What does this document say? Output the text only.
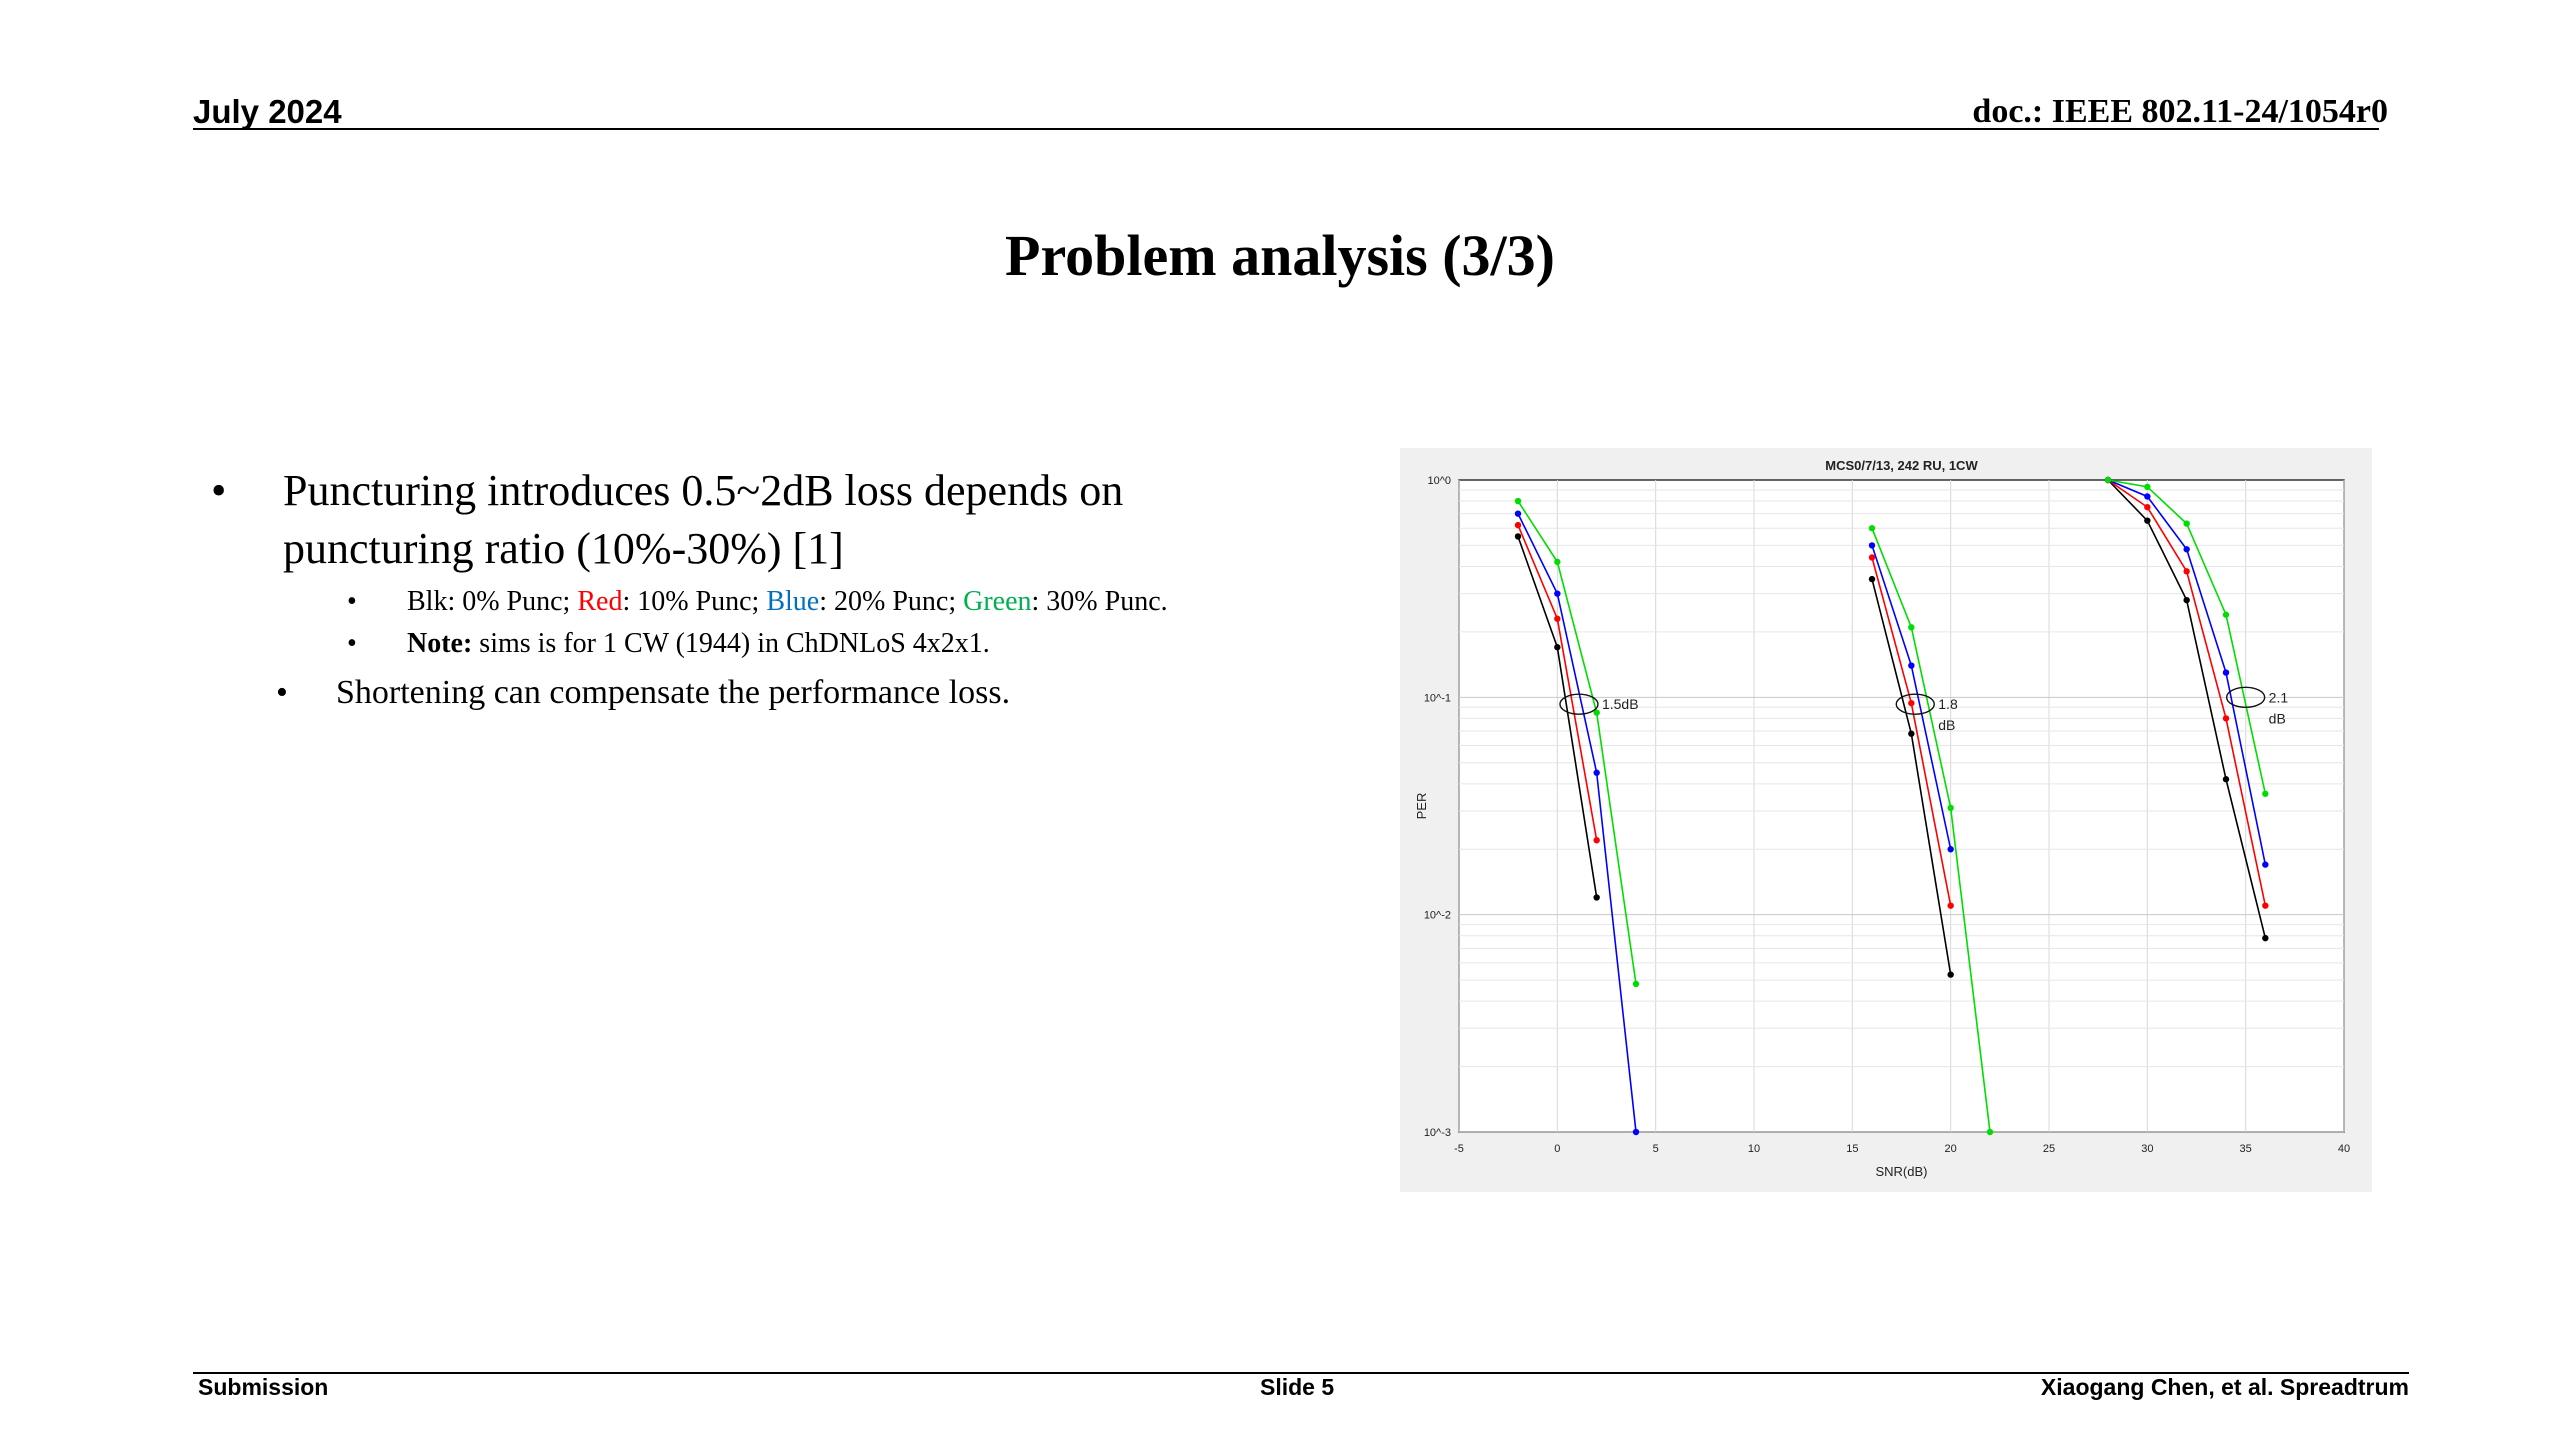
July 2024	doc.: IEEE 802.11-24/1054r0
Problem analysis (3/3)
• Puncturing introduces 0.5~2dB loss depends on puncturing ratio (10%-30%) [1]
• Blk: 0% Punc; Red: 10% Punc; Blue: 20% Punc; Green: 30% Punc.
• Note: sims is for 1 CW (1944) in ChDNLoS 4x2x1.
• Shortening can compensate the performance loss.
-5	0	5	10	15	20	25	30	35	40
10^0
10^-1
10^-2
10^-3
1.5dB	1.8
dB
2.1
dB
MCS0/7/13, 242 RU, 1CW
SNR(dB)
PER
Submission	Slide 5	Xiaogang Chen, et al. Spreadtrum
